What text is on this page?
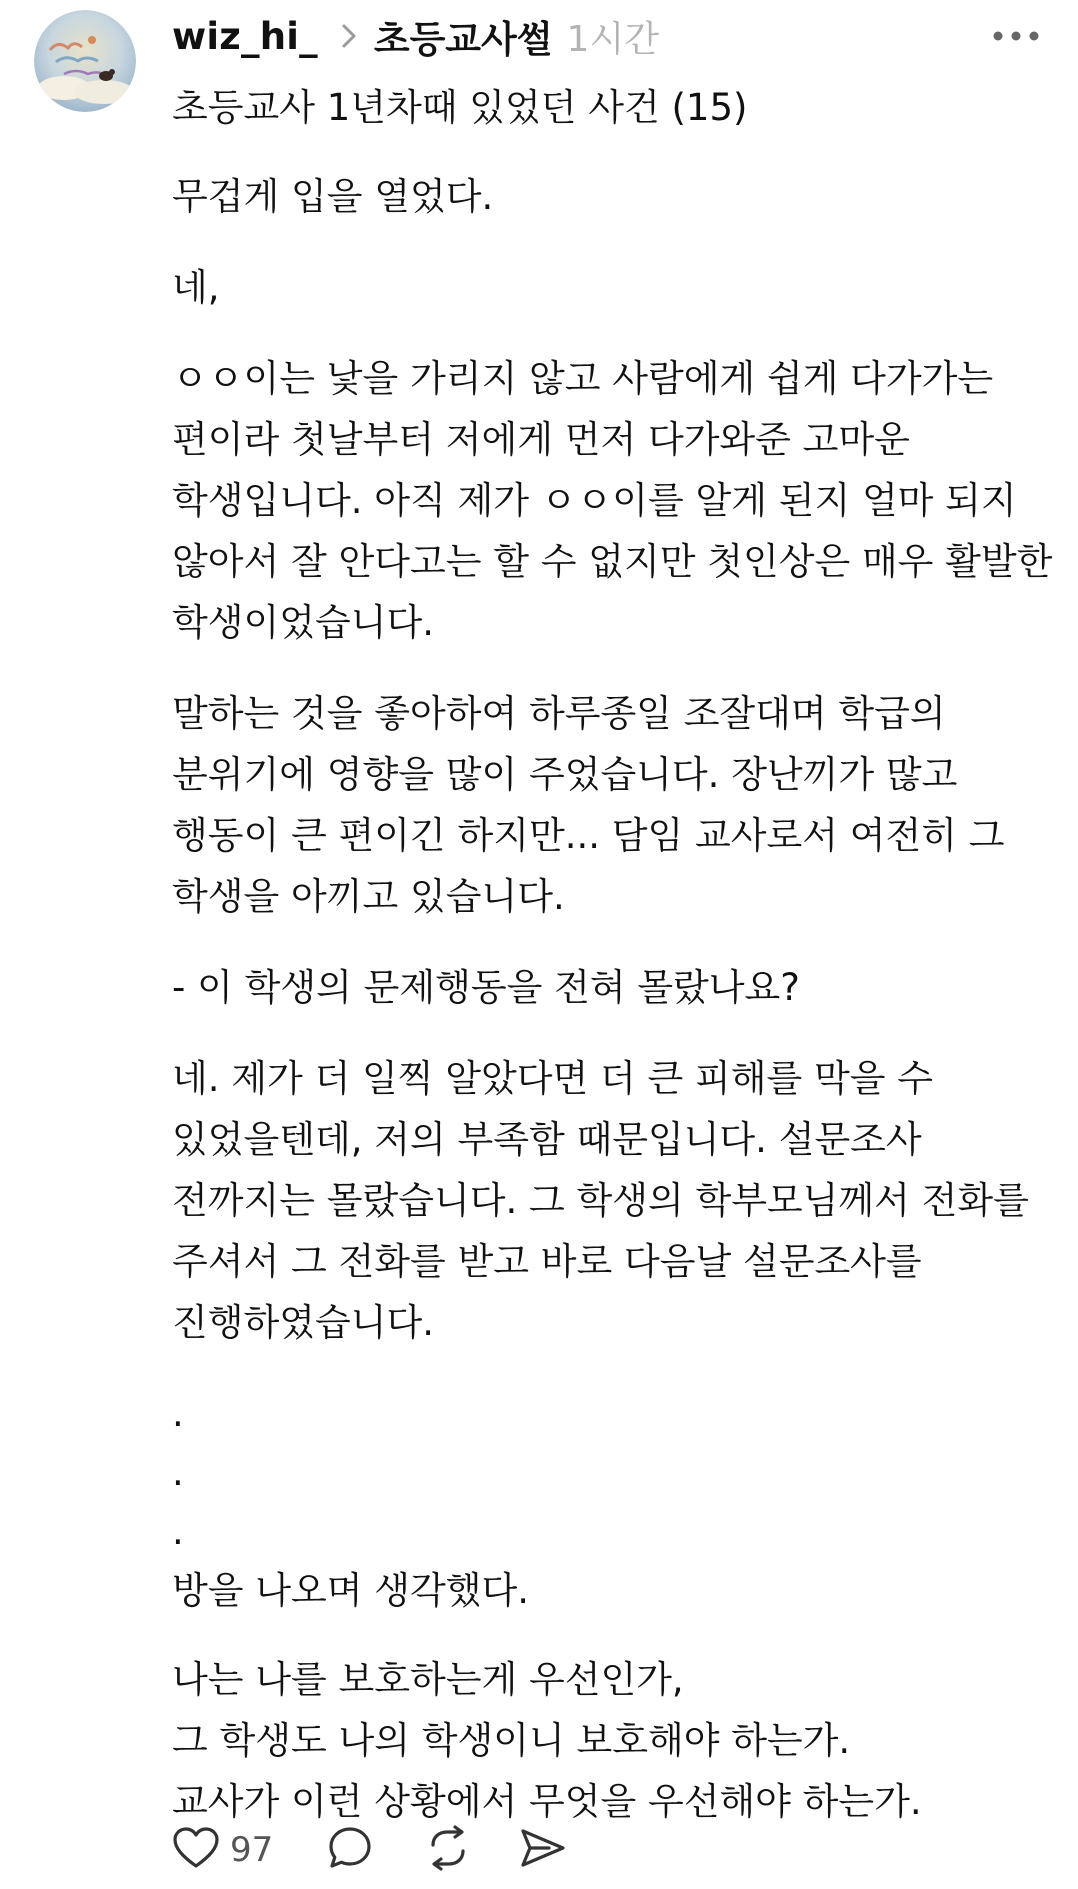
wiz_hi_ 초등교사썰 1시간
초등교사 1년차때 있었던 사건 (15)
무겁게 입을 열었다.
네,
ㅇㅇ이는 낯을 가리지 않고 사람에게 쉽게 다가가는
편이라 첫날부터 저에게 먼저 다가와준 고마운
학생입니다. 아직 제가 ㅇㅇ이를 알게 된지 얼마 되지
않아서 잘 안다고는 할 수 없지만 첫인상은 매우 활발한
학생이었습니다.
말하는 것을 좋아하여 하루종일 조잘대며 학급의
분위기에 영향을 많이 주었습니다. 장난끼가 많고
행동이 큰 편이긴 하지만... 담임 교사로서 여전히 그
학생을 아끼고 있습니다.
- 이 학생의 문제행동을 전혀 몰랐나요?
네. 제가 더 일찍 알았다면 더 큰 피해를 막을 수
있었을텐데, 저의 부족함 때문입니다. 설문조사
전까지는 몰랐습니다. 그 학생의 학부모님께서 전화를
주셔서 그 전화를 받고 바로 다음날 설문조사를
진행하였습니다.
.
.
.
방을 나오며 생각했다.
나는 나를 보호하는게 우선인가,
그 학생도 나의 학생이니 보호해야 하는가.
교사가 이런 상황에서 무엇을 우선해야 하는가.
97
